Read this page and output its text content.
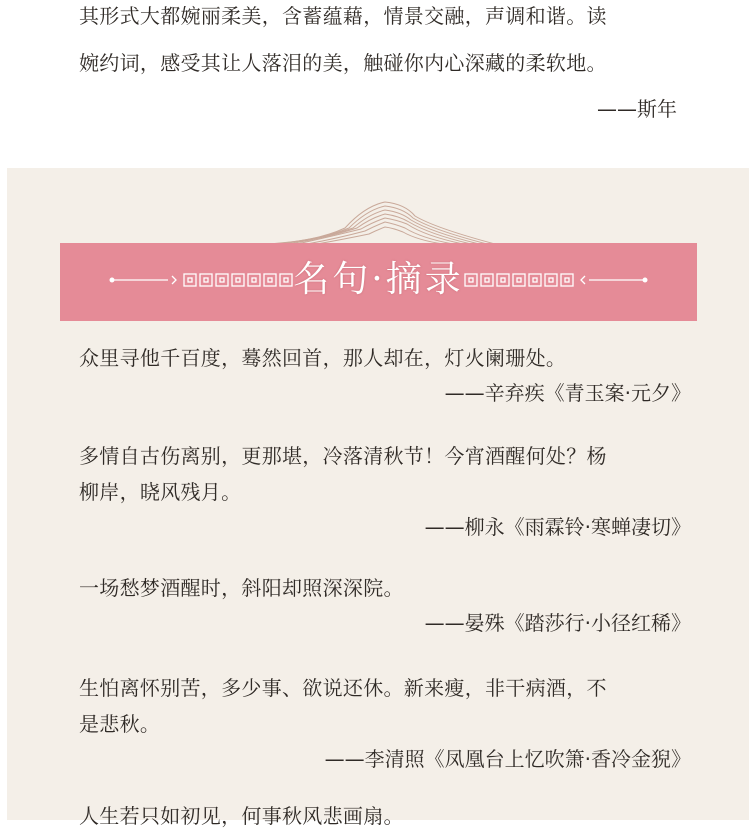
其形式大都婉丽柔美，含蓄蕴藉，情景交融，声调和谐。读
婉约词，感受其让人落泪的美，触碰你内心深藏的柔软地。
——斯年
名句·摘录
众里寻他千百度，蓦然回首，那人却在，灯火阑珊处。
——辛弃疾《青玉案·元夕》
多情自古伤离别，更那堪，冷落清秋节！今宵酒醒何处？杨
柳岸，晓风残月。
——柳永《雨霖铃·寒蝉凄切》
一场愁梦酒醒时，斜阳却照深深院。
——晏殊《踏莎行·小径红稀》
生怕离怀别苦，多少事、欲说还休。新来瘦，非干病酒，不
是悲秋。
——李清照《凤凰台上忆吹箫·香冷金猊》
人生若只如初见，何事秋风悲画扇。
